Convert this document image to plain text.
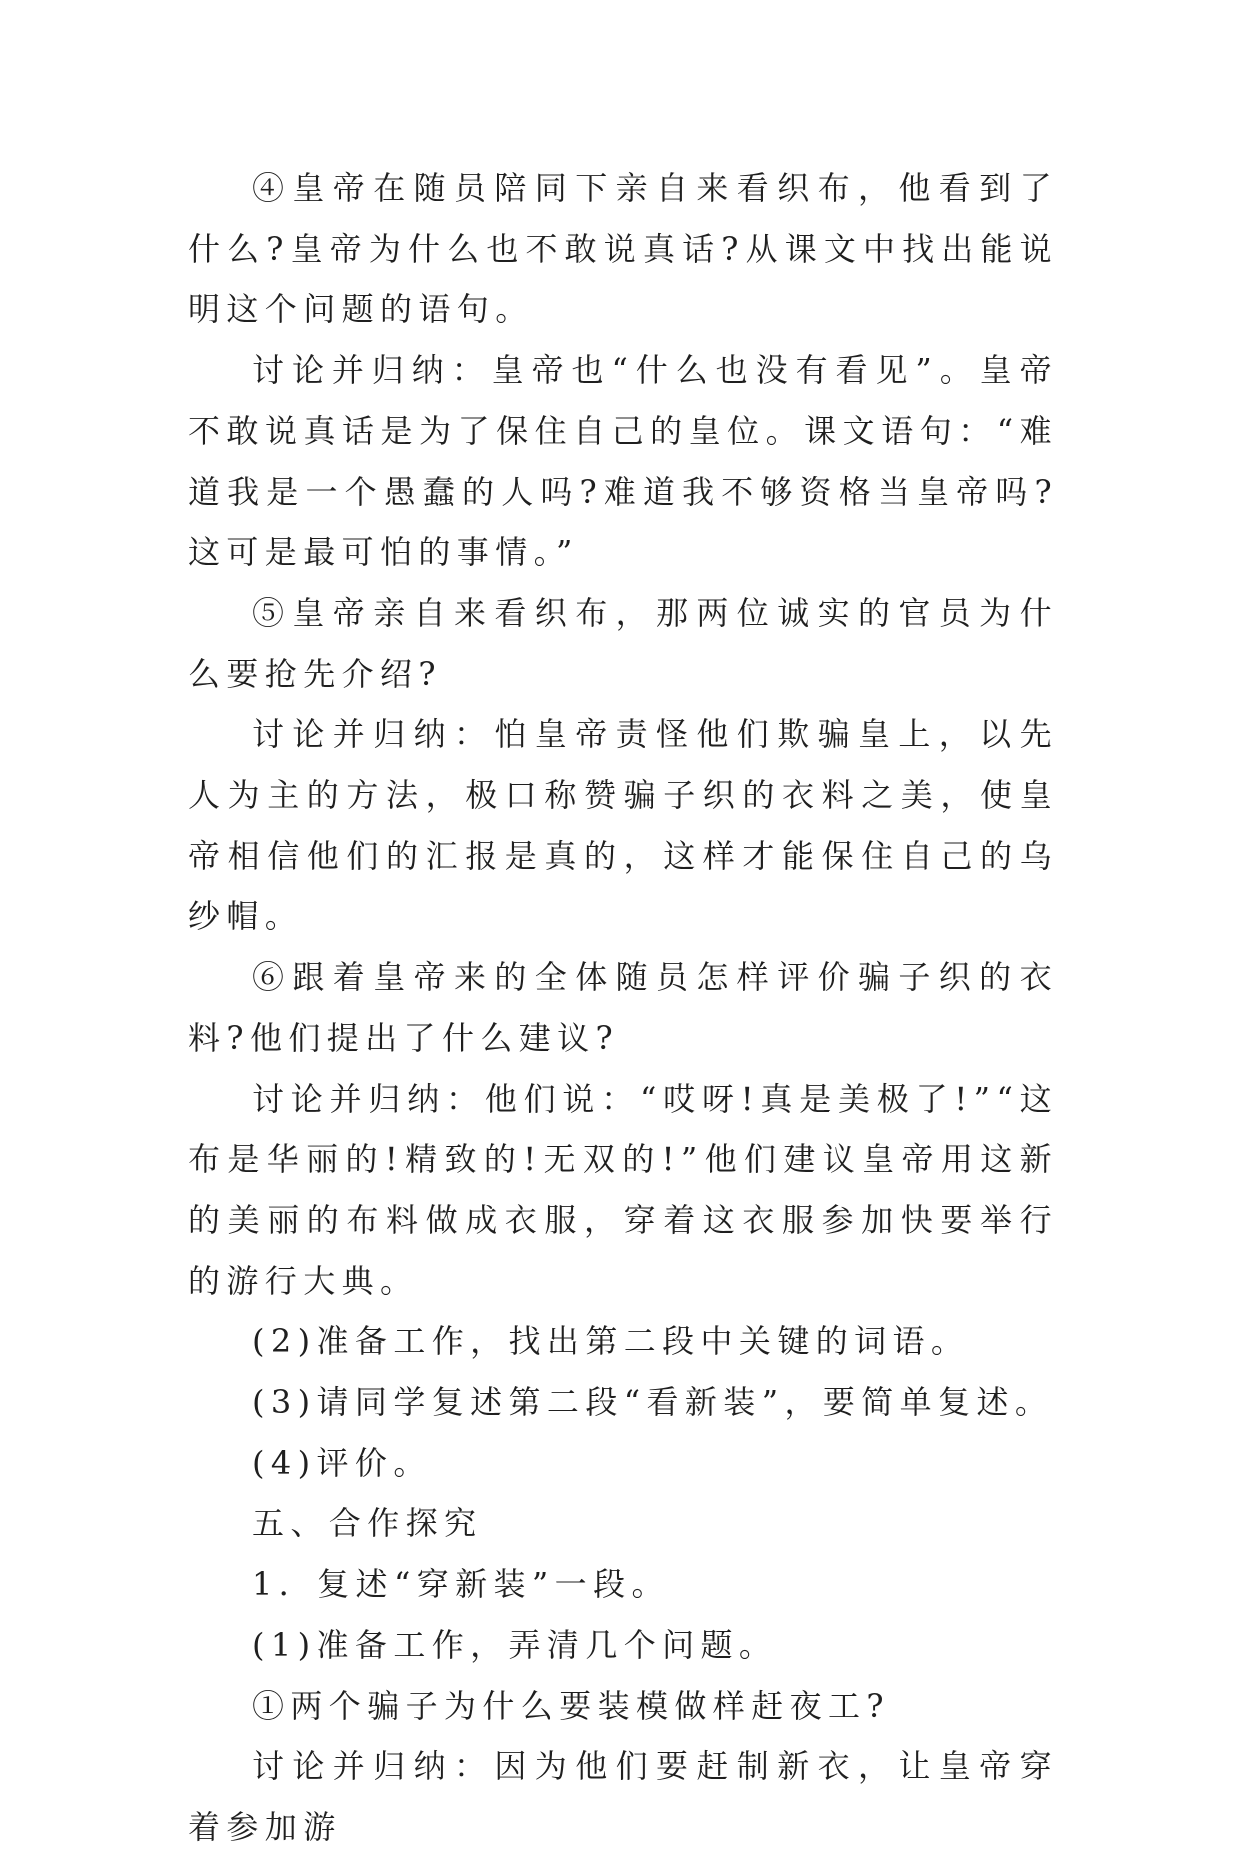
④皇帝在随员陪同下亲自来看织布，他看到了什么?皇帝为什么也不敢说真话?从课文中找出能说明这个问题的语句。

讨论并归纳：皇帝也“什么也没有看见”。皇帝不敢说真话是为了保住自己的皇位。课文语句：“难道我是一个愚蠢的人吗?难道我不够资格当皇帝吗?这可是最可怕的事情。”

⑤皇帝亲自来看织布，那两位诚实的官员为什么要抢先介绍?

讨论并归纳：怕皇帝责怪他们欺骗皇上，以先人为主的方法，极口称赞骗子织的衣料之美，使皇帝相信他们的汇报是真的，这样才能保住自己的乌纱帽。

⑥跟着皇帝来的全体随员怎样评价骗子织的衣料?他们提出了什么建议?

讨论并归纳：他们说：“哎呀!真是美极了!”“这布是华丽的!精致的!无双的!”他们建议皇帝用这新的美丽的布料做成衣服，穿着这衣服参加快要举行的游行大典。

(2)准备工作，找出第二段中关键的词语。

(3)请同学复述第二段“看新装”，要简单复述。

(4)评价。

五、合作探究

1．复述“穿新装”一段。

(1)准备工作，弄清几个问题。

①两个骗子为什么要装模做样赶夜工?

讨论并归纳：因为他们要赶制新衣，让皇帝穿着参加游
